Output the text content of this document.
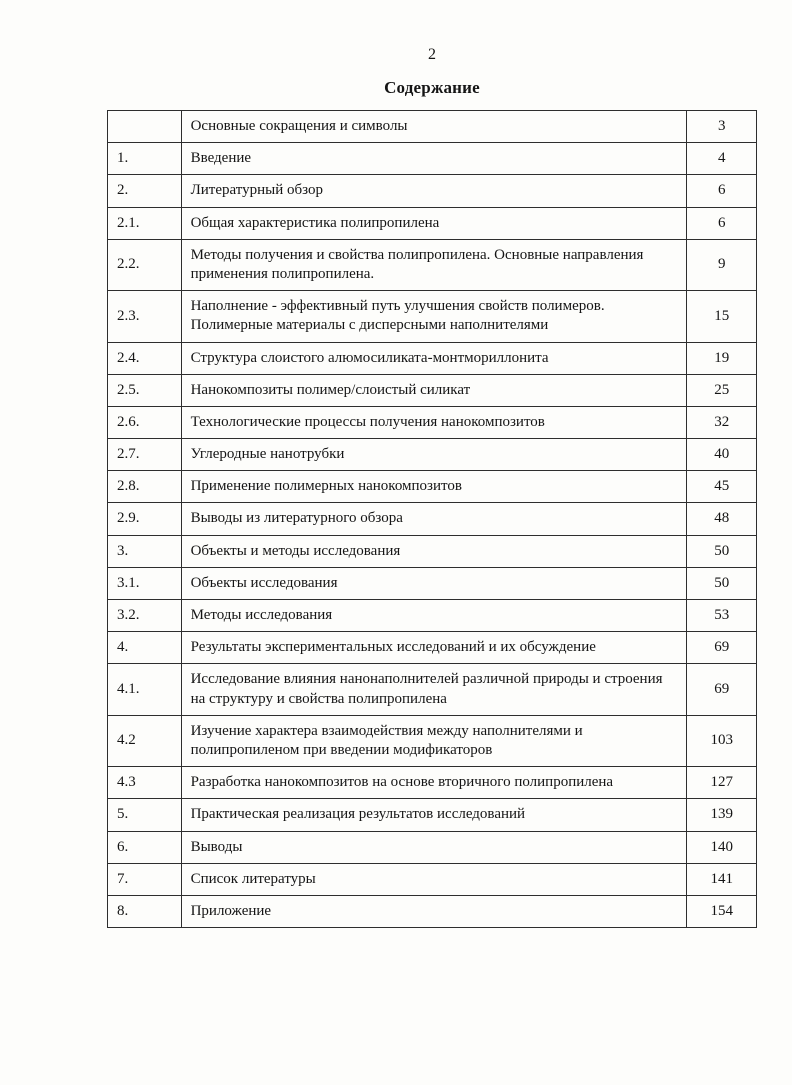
2
Содержание
	Основные сокращения и символы	3
1.	Введение	4
2.	Литературный обзор	6
2.1.	Общая характеристика полипропилена	6
2.2.	Методы получения и свойства полипропилена. Основные направления применения полипропилена.	9
2.3.	Наполнение - эффективный путь улучшения свойств полимеров. Полимерные материалы с дисперсными наполнителями	15
2.4.	Структура слоистого алюмосиликата-монтмориллонита	19
2.5.	Нанокомпозиты полимер/слоистый силикат	25
2.6.	Технологические процессы получения нанокомпозитов	32
2.7.	Углеродные нанотрубки	40
2.8.	Применение полимерных нанокомпозитов	45
2.9.	Выводы из литературного обзора	48
3.	Объекты и методы исследования	50
3.1.	Объекты исследования	50
3.2.	Методы исследования	53
4.	Результаты экспериментальных исследований и их обсуждение	69
4.1.	Исследование влияния нанонаполнителей различной природы и строения на структуру и свойства полипропилена	69
4.2	Изучение характера взаимодействия между наполнителями и полипропиленом при введении модификаторов	103
4.3	Разработка нанокомпозитов на основе вторичного полипропилена	127
5.	Практическая реализация результатов исследований	139
6.	Выводы	140
7.	Список литературы	141
8.	Приложение	154
